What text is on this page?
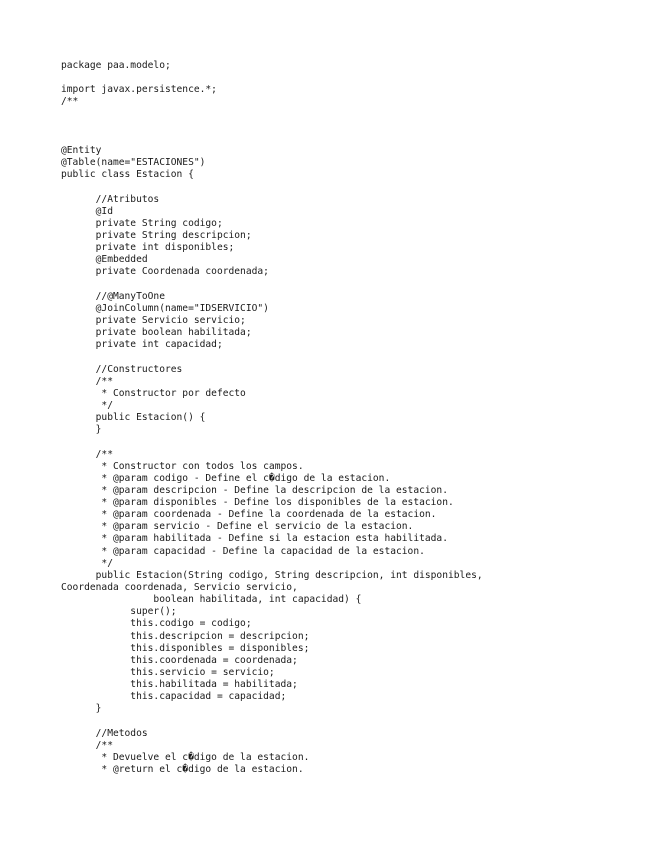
package paa.modelo;
import javax.persistence.*;
/**
@Entity
@Table(name="ESTACIONES")
public class Estacion {
//Atributos
@Id
private String codigo;
private String descripcion;
private int disponibles;
@Embedded
private Coordenada coordenada;
//@ManyToOne
@JoinColumn(name="IDSERVICIO")
private Servicio servicio;
private boolean habilitada;
private int capacidad;
//Constructores
/**
* Constructor por defecto
*/
public Estacion() {
}
/**
* Constructor con todos los campos.
* @param codigo - Define el c�digo de la estacion.
* @param descripcion - Define la descripcion de la estacion.
* @param disponibles - Define los disponibles de la estacion.
* @param coordenada - Define la coordenada de la estacion.
* @param servicio - Define el servicio de la estacion.
* @param habilitada - Define si la estacion esta habilitada.
* @param capacidad - Define la capacidad de la estacion.
*/
public Estacion(String codigo, String descripcion, int disponibles,
Coordenada coordenada, Servicio servicio,
boolean habilitada, int capacidad) {
super();
this.codigo = codigo;
this.descripcion = descripcion;
this.disponibles = disponibles;
this.coordenada = coordenada;
this.servicio = servicio;
this.habilitada = habilitada;
this.capacidad = capacidad;
}
//Metodos
/**
* Devuelve el c�digo de la estacion.
* @return el c�digo de la estacion.
